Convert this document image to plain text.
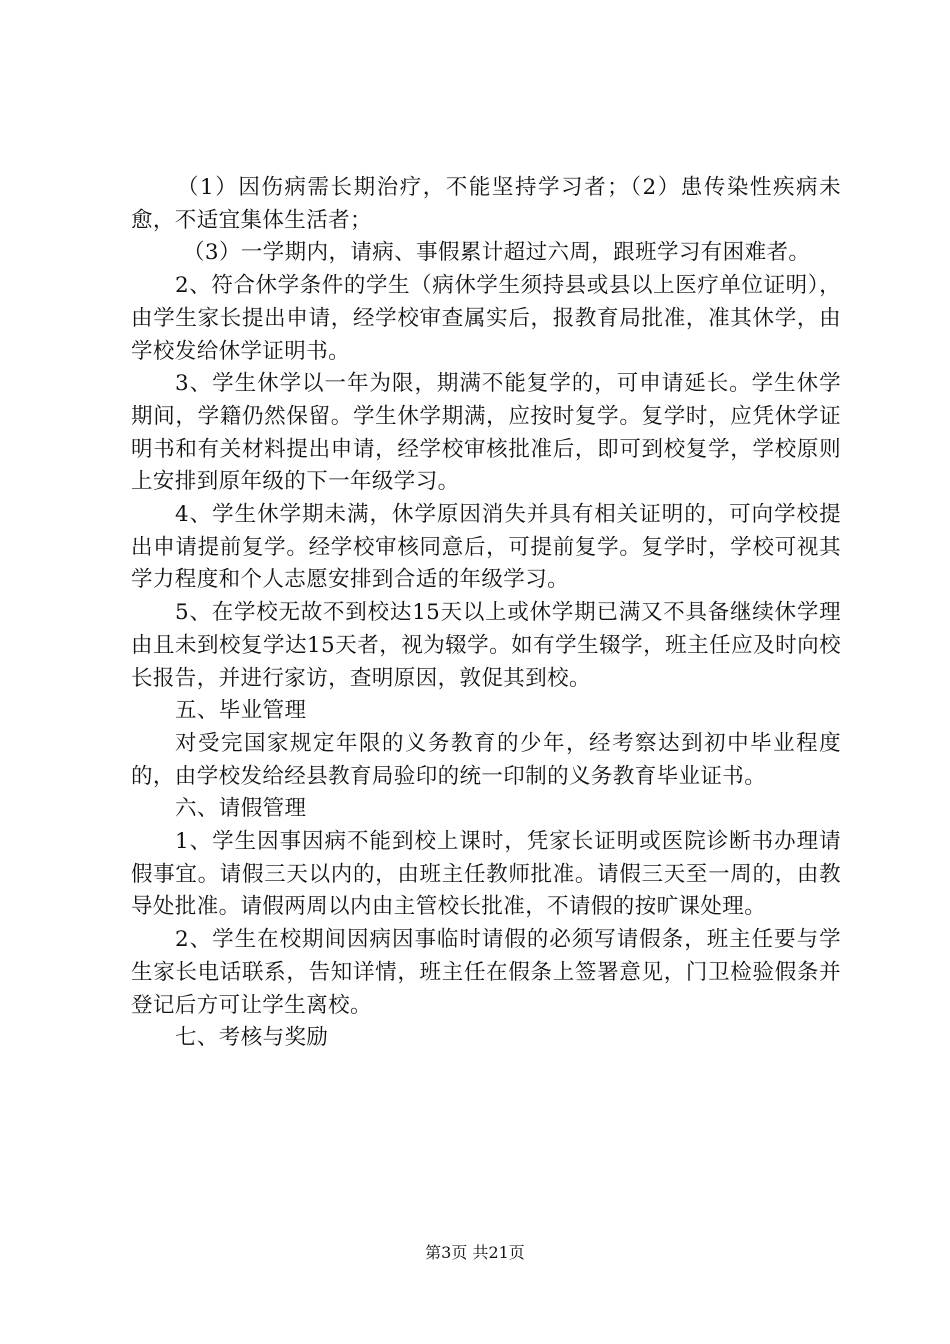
（1）因伤病需长期治疗，不能坚持学习者；（2）患传染性疾病未愈，不适宜集体生活者；

（3）一学期内，请病、事假累计超过六周，跟班学习有困难者。

2、符合休学条件的学生（病休学生须持县或县以上医疗单位证明），由学生家长提出申请，经学校审查属实后，报教育局批准，准其休学，由学校发给休学证明书。

3、学生休学以一年为限，期满不能复学的，可申请延长。学生休学期间，学籍仍然保留。学生休学期满，应按时复学。复学时，应凭休学证明书和有关材料提出申请，经学校审核批准后，即可到校复学，学校原则上安排到原年级的下一年级学习。

4、学生休学期未满，休学原因消失并具有相关证明的，可向学校提出申请提前复学。经学校审核同意后，可提前复学。复学时，学校可视其学力程度和个人志愿安排到合适的年级学习。

5、在学校无故不到校达15天以上或休学期已满又不具备继续休学理由且未到校复学达15天者，视为辍学。如有学生辍学，班主任应及时向校长报告，并进行家访，查明原因，敦促其到校。

五、毕业管理

对受完国家规定年限的义务教育的少年，经考察达到初中毕业程度的，由学校发给经县教育局验印的统一印制的义务教育毕业证书。

六、请假管理

1、学生因事因病不能到校上课时，凭家长证明或医院诊断书办理请假事宜。请假三天以内的，由班主任教师批准。请假三天至一周的，由教导处批准。请假两周以内由主管校长批准，不请假的按旷课处理。

2、学生在校期间因病因事临时请假的必须写请假条，班主任要与学生家长电话联系，告知详情，班主任在假条上签署意见，门卫检验假条并登记后方可让学生离校。

七、考核与奖励

第3页 共21页
